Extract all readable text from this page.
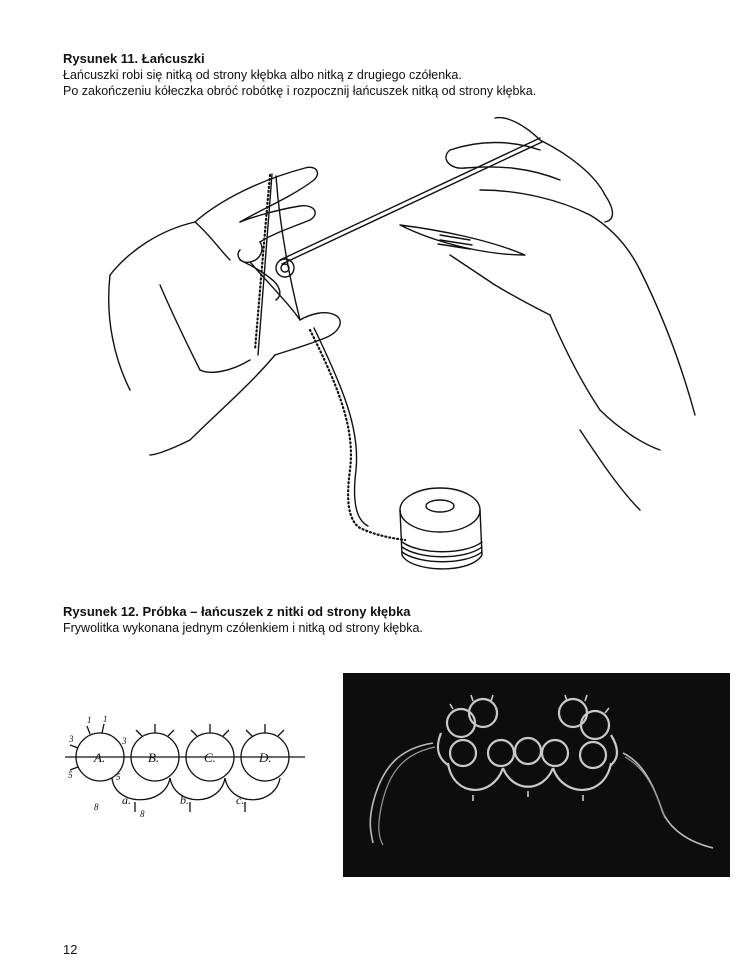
Rysunek 11. Łańcuszki
Łańcuszki robi się nitką od strony kłębka albo nitką z drugiego czółenka.
Po zakończeniu kółeczka obróć robótkę i rozpocznij łańcuszek nitką od strony kłębka.
Rysunek 12. Próbka – łańcuszek z nitki od strony kłębka
Frywolitka wykonana jednym czółenkiem i nitką od strony kłębka.
A.	B.	C.	D.
a.	b.	c.
1 1
3	3
5	5
8
8
12
